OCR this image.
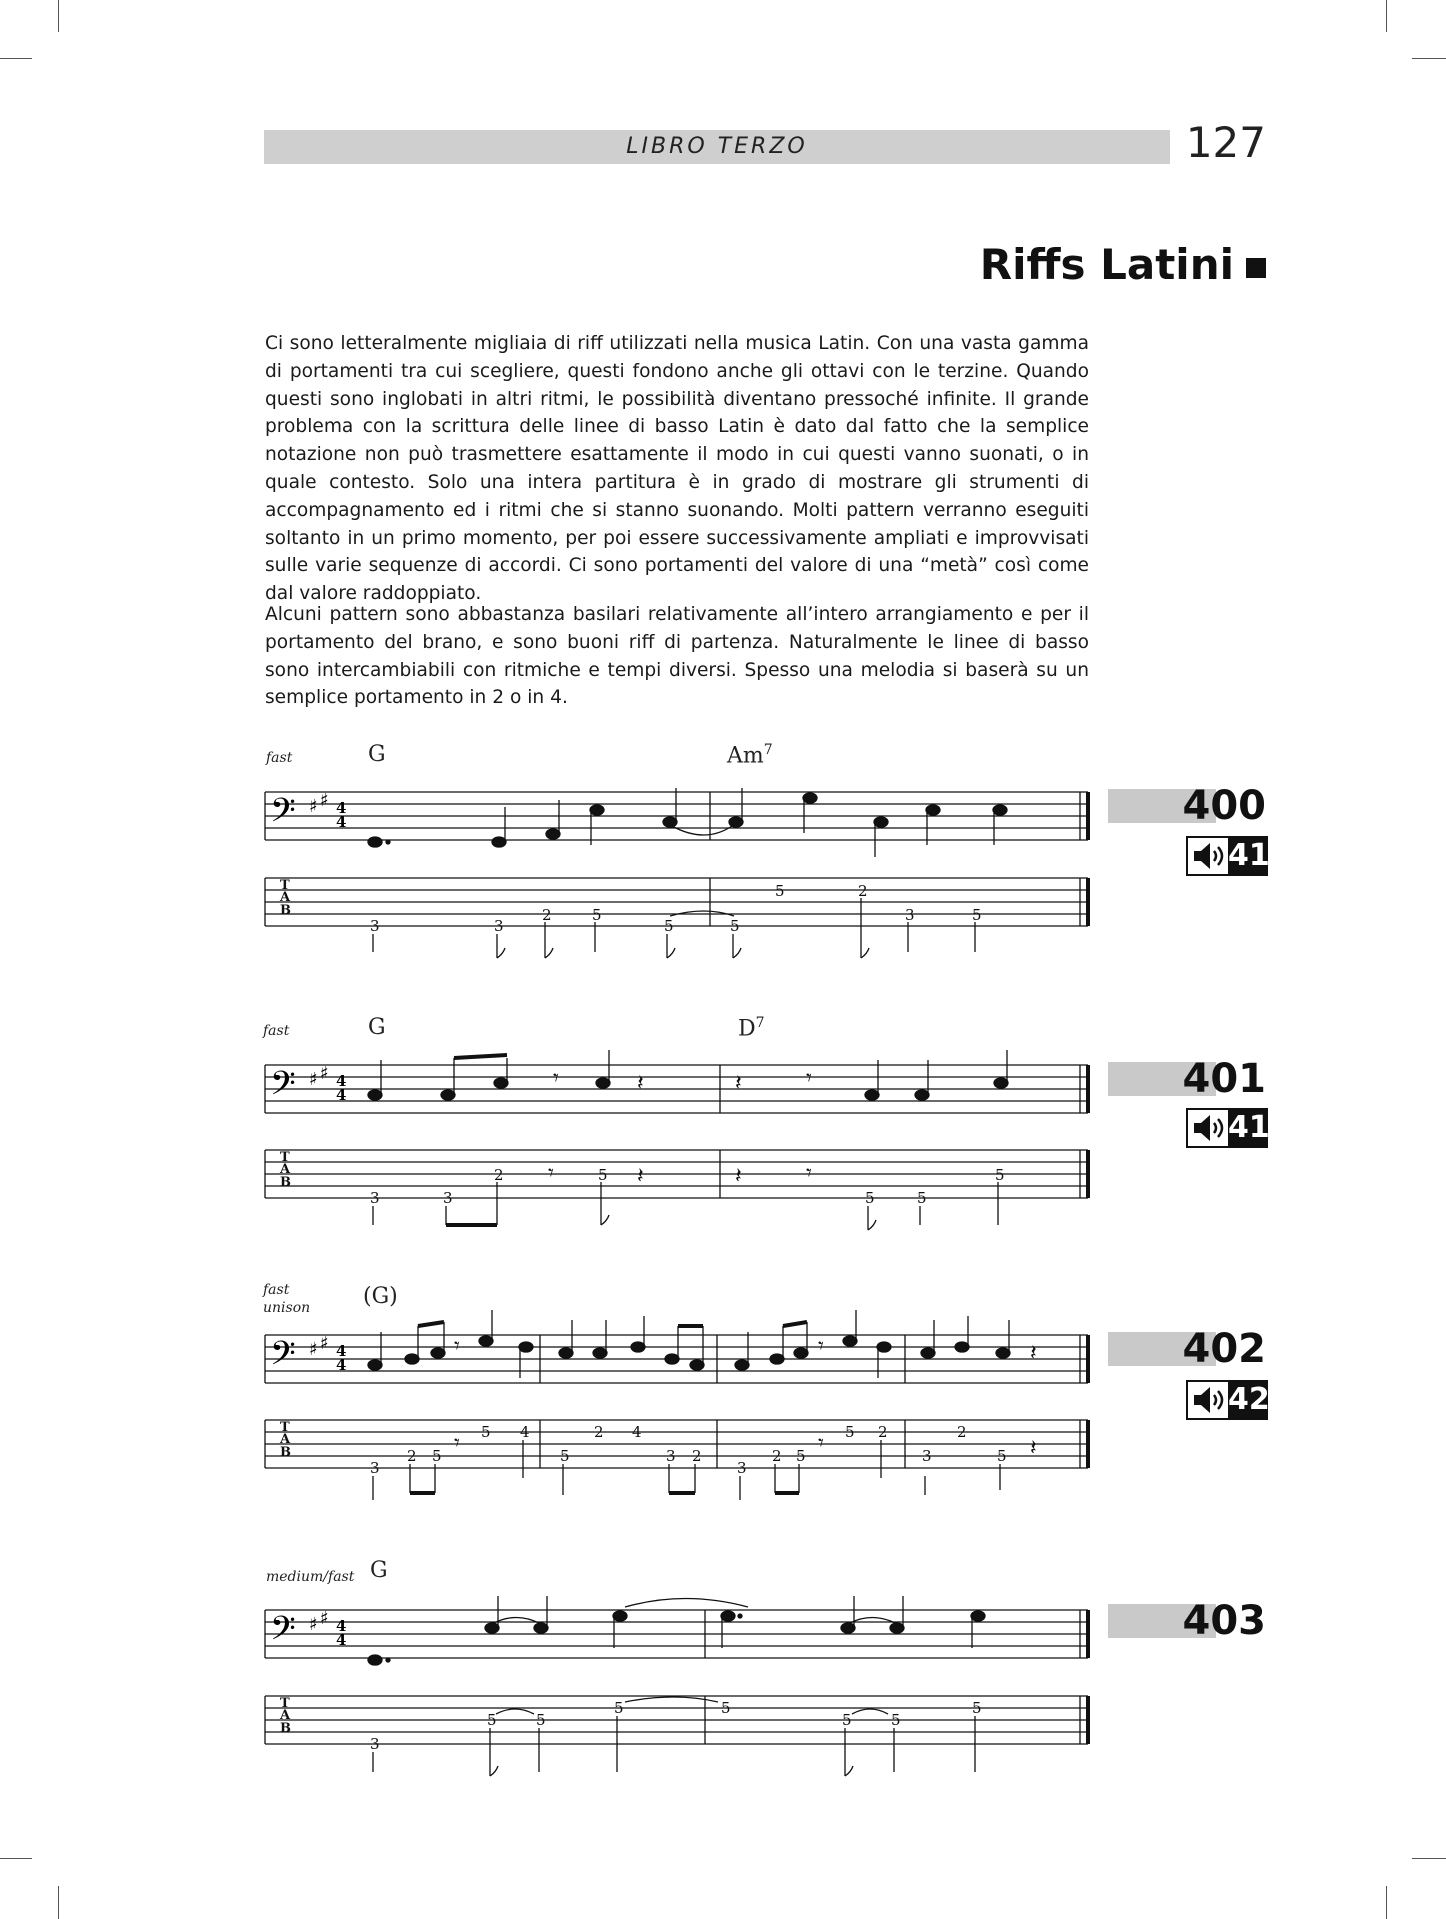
LIBRO TERZO	127
Riffs Latini

Ci sono letteralmente migliaia di riff utilizzati nella musica Latin. Con una vasta gamma di portamenti tra cui scegliere, questi fondono anche gli ottavi con le terzine. Quando questi sono inglobati in altri ritmi, le possibilità diventano pressoché infinite. Il grande problema con la scrittura delle linee di basso Latin è dato dal fatto che la semplice notazione non può trasmettere esattamente il modo in cui questi vanno suonati, o in quale contesto. Solo una intera partitura è in grado di mostrare gli strumenti di accompagnamento ed i ritmi che si stanno suonando. Molti pattern verranno eseguiti soltanto in un primo momento, per poi essere successivamente ampliati e improvvisati sulle varie sequenze di accordi. Ci sono portamenti del valore di una “metà” così come dal valore raddoppiato.

Alcuni pattern sono abbastanza basilari relativamente all’intero arrangiamento e per il portamento del brano, e sono buoni riff di partenza. Naturalmente le linee di basso sono intercambiabili con ritmiche e tempi diversi. Spesso una melodia si baserà su un semplice portamento in 2 o in 4.

fast	G	Am$^7$
𝄢 ♯ ♯ 4
4
T
A
B
3	3
2	5
5	5
5	2
3	5
400
41
fast	G	$D^7$
𝄢 ♯ ♯ 4
4
𝄾	𝄽	𝄽	𝄾
T
A
B
3	3
2	5
5	5
5
𝄾	𝄽	𝄽	𝄾
401
41
fast
unison (G)
𝄢 ♯ ♯ 4
4
𝄾	𝄾	𝄽
T
A
B
3
2 5
5 4
5
2 4
3 2
3
2 5
5 2
3
2
5
𝄾	𝄾	𝄽
402
42
medium/fast G
𝄢 ♯ ♯ 4
4
T
A
B
3
5	5
5	5
5	5
5
403
